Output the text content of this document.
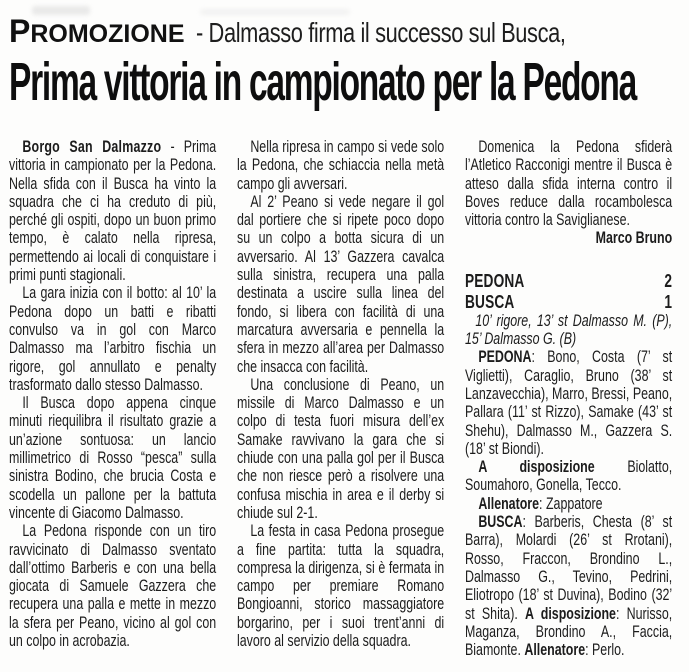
PROMOZIONE - Dalmasso firma il successo sul Busca,
Prima vittoria in campionato per la Pedona

Borgo San Dalmazzo - Prima vittoria in campionato per la Pedona. Nella sfida con il Busca ha vinto la squadra che ci ha creduto di più, perché gli ospiti, dopo un buon primo tempo, è calato nella ripresa, permettendo ai locali di conquistare i primi punti stagionali.

La gara inizia con il botto: al 10’ la Pedona dopo un batti e ribatti convulso va in gol con Marco Dalmasso ma l’arbitro fischia un rigore, gol annullato e penalty trasformato dallo stesso Dalmasso.

Il Busca dopo appena cinque minuti riequilibra il risultato grazie a un’azione sontuosa: un lancio millimetrico di Rosso “pesca” sulla sinistra Bodino, che brucia Costa e scodella un pallone per la battuta vincente di Giacomo Dalmasso.

La Pedona risponde con un tiro ravvicinato di Dalmasso sventato dall’ottimo Barberis e con una bella giocata di Samuele Gazzera che recupera una palla e mette in mezzo la sfera per Peano, vicino al gol con un colpo in acrobazia.

Nella ripresa in campo si vede solo la Pedona, che schiaccia nella metà campo gli avversari.

Al 2’ Peano si vede negare il gol dal portiere che si ripete poco dopo su un colpo a botta sicura di un avversario. Al 13’ Gazzera cavalca sulla sinistra, recupera una palla destinata a uscire sulla linea del fondo, si libera con facilità di una marcatura avversaria e pennella la sfera in mezzo all’area per Dalmasso che insacca con facilità.

Una conclusione di Peano, un missile di Marco Dalmasso e un colpo di testa fuori misura dell’ex Samake ravvivano la gara che si chiude con una palla gol per il Busca che non riesce però a risolvere una confusa mischia in area e il derby si chiude sul 2-1.

La festa in casa Pedona prosegue a fine partita: tutta la squadra, compresa la dirigenza, si è fermata in campo per premiare Romano Bongioanni, storico massaggiatore borgarino, per i suoi trent’anni di lavoro al servizio della squadra.

Domenica la Pedona sfiderà l’Atletico Racconigi mentre il Busca è atteso dalla sfida interna contro il Boves reduce dalla rocambolesca vittoria contro la Saviglianese.

Marco Bruno

PEDONA	2
BUSCA	1

10’ rigore, 13’ st Dalmasso M. (P), 15’ Dalmasso G. (B)

PEDONA: Bono, Costa (7’ st Viglietti), Caraglio, Bruno (38’ st Lanzavecchia), Marro, Bressi, Peano, Pallara (11’ st Rizzo), Samake (43’ st Shehu), Dalmasso M., Gazzera S. (18’ st Biondi).

A disposizione Biolatto, Soumahoro, Gonella, Tecco.

Allenatore: Zappatore

BUSCA: Barberis, Chesta (8’ st Barra), Molardi (26’ st Rrotani), Rosso, Fraccon, Brondino L., Dalmasso G., Tevino, Pedrini, Eliotropo (18’ st Duvina), Bodino (32’ st Shita). A disposizione: Nurisso, Maganza, Brondino A., Faccia, Biamonte. Allenatore: Perlo.
